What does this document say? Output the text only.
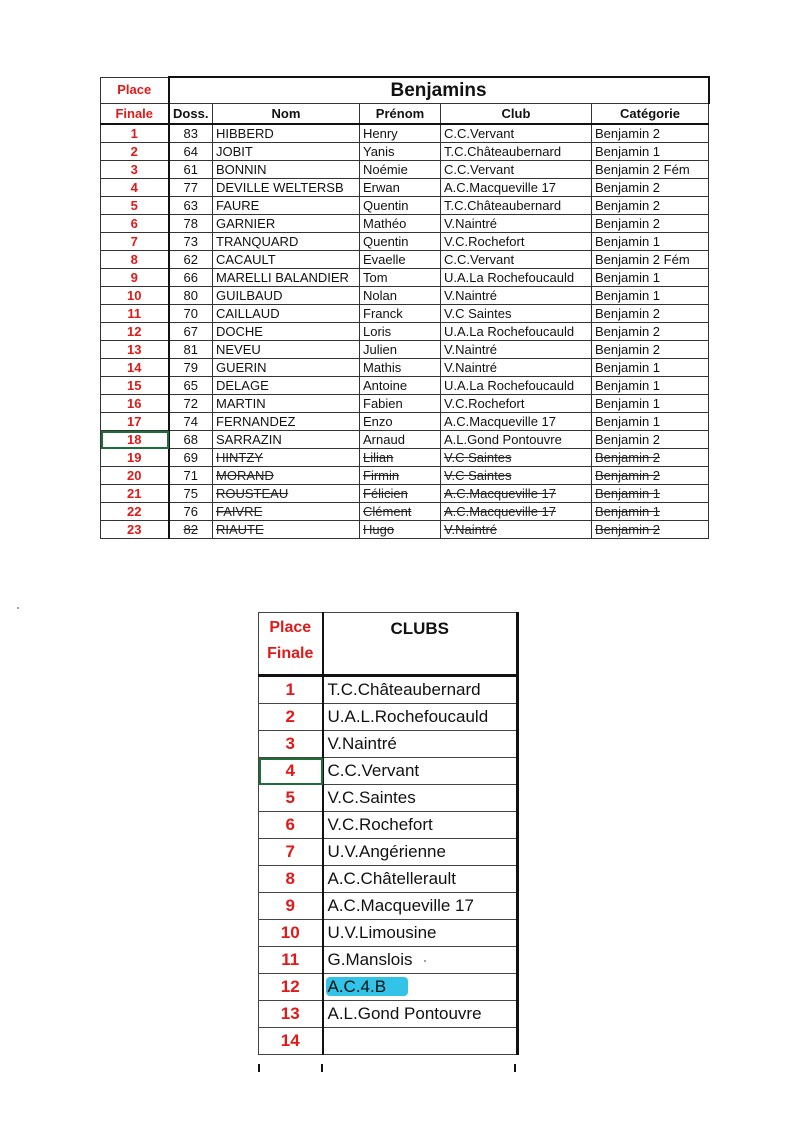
Place	Benjamins				
Finale	Doss.	Nom	Prénom	Club	Catégorie
1	83	HIBBERD	Henry	C.C.Vervant	Benjamin 2
2	64	JOBIT	Yanis	T.C.Châteaubernard	Benjamin 1
3	61	BONNIN	Noémie	C.C.Vervant	Benjamin 2 Fém
4	77	DEVILLE WELTERSB	Erwan	A.C.Macqueville 17	Benjamin 2
5	63	FAURE	Quentin	T.C.Châteaubernard	Benjamin 2
6	78	GARNIER	Mathéo	V.Naintré	Benjamin 2
7	73	TRANQUARD	Quentin	V.C.Rochefort	Benjamin 1
8	62	CACAULT	Evaelle	C.C.Vervant	Benjamin 2 Fém
9	66	MARELLI BALANDIER	Tom	U.A.La Rochefoucauld	Benjamin 1
10	80	GUILBAUD	Nolan	V.Naintré	Benjamin 1
11	70	CAILLAUD	Franck	V.C Saintes	Benjamin 2
12	67	DOCHE	Loris	U.A.La Rochefoucauld	Benjamin 2
13	81	NEVEU	Julien	V.Naintré	Benjamin 2
14	79	GUERIN	Mathis	V.Naintré	Benjamin 1
15	65	DELAGE	Antoine	U.A.La Rochefoucauld	Benjamin 1
16	72	MARTIN	Fabien	V.C.Rochefort	Benjamin 1
17	74	FERNANDEZ	Enzo	A.C.Macqueville 17	Benjamin 1
18	68	SARRAZIN	Arnaud	A.L.Gond Pontouvre	Benjamin 2
19	69	HINTZY	Lilian	V.C Saintes	Benjamin 2
20	71	MORAND	Firmin	V.C Saintes	Benjamin 2
21	75	ROUSTEAU	Félicien	A.C.Macqueville 17	Benjamin 1
22	76	FAIVRE	Clément	A.C.Macqueville 17	Benjamin 1
23	82	RIAUTE	Hugo	V.Naintré	Benjamin 2
Place
Finale	CLUBS
1	T.C.Châteaubernard
2	U.A.L.Rochefoucauld
3	V.Naintré
4	C.C.Vervant
5	V.C.Saintes
6	V.C.Rochefort
7	U.V.Angérienne
8	A.C.Châtellerault
9	A.C.Macqueville 17
10	U.V.Limousine
11	G.Manslois
12	A.C.4.B
13	A.L.Gond Pontouvre
14	
